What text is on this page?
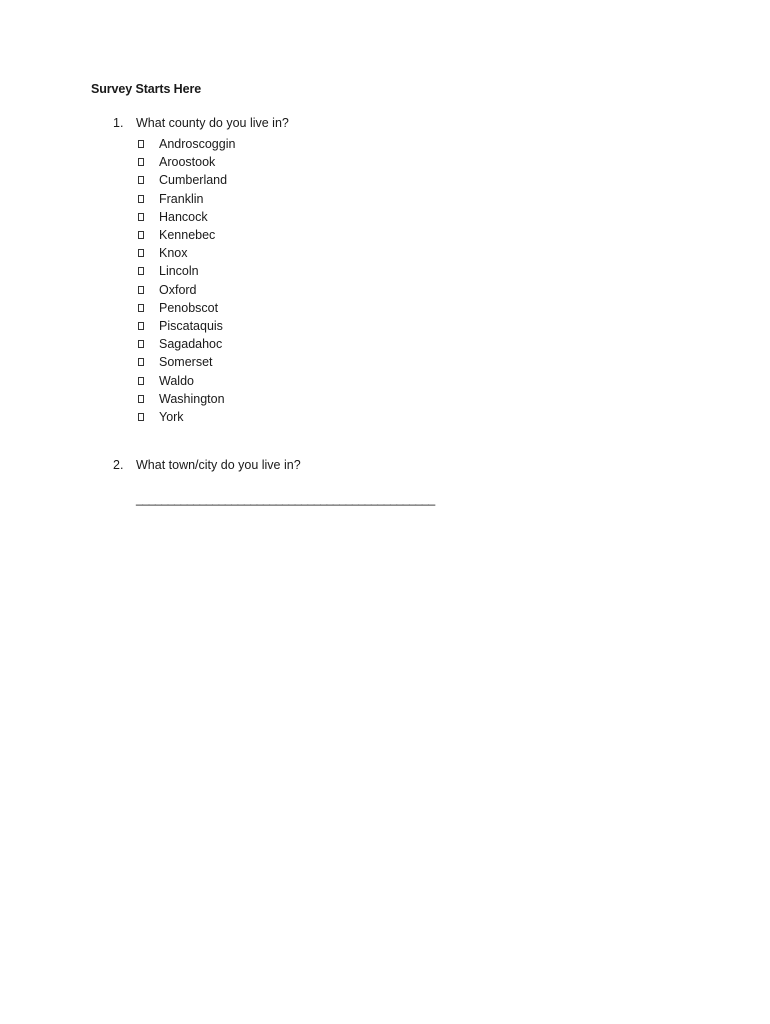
Survey Starts Here
1. What county do you live in?
Androscoggin
Aroostook
Cumberland
Franklin
Hancock
Kennebec
Knox
Lincoln
Oxford
Penobscot
Piscataquis
Sagadahoc
Somerset
Waldo
Washington
York
2. What town/city do you live in?
_______________________________________________
